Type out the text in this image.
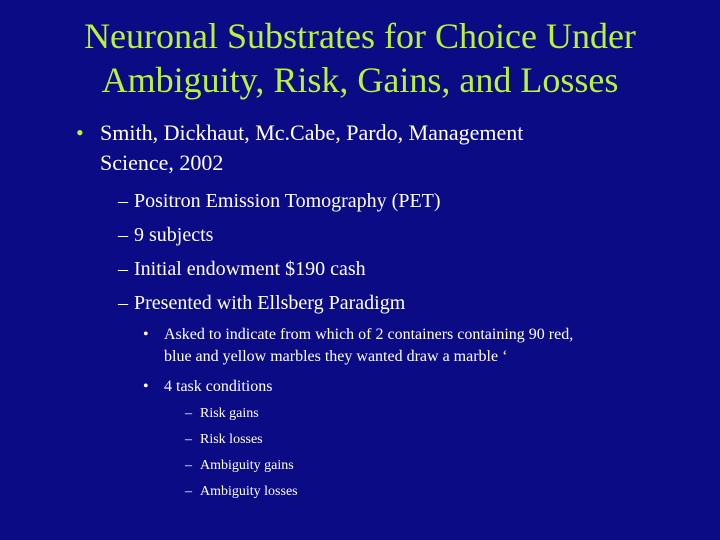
Neuronal Substrates for Choice Under
Ambiguity, Risk, Gains, and Losses
• Smith, Dickhaut, Mc.Cabe, Pardo, Management
Science, 2002
– Positron Emission Tomography (PET)
– 9 subjects
– Initial endowment $190 cash
– Presented with Ellsberg Paradigm
• Asked to indicate from which of 2 containers containing 90 red,
blue and yellow marbles they wanted draw a marble ‘
• 4 task conditions
– Risk gains
– Risk losses
– Ambiguity gains
– Ambiguity losses
